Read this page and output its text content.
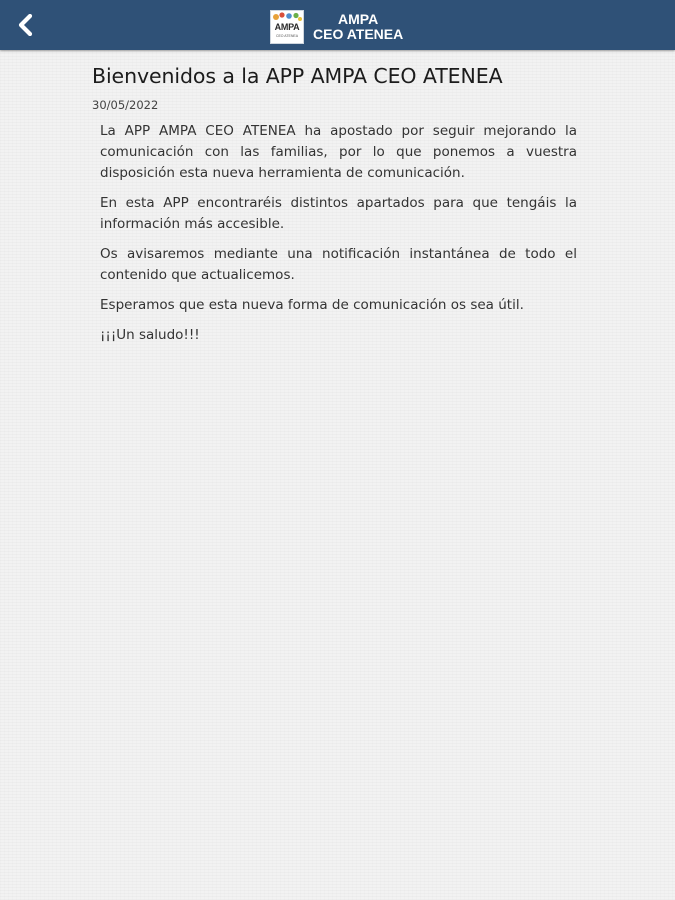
AMPA
CEO ATENEA
AMPA
CEO ATENEA
Bienvenidos a la APP AMPA CEO ATENEA
30/05/2022

La APP AMPA CEO ATENEA ha apostado por seguir mejorando la comunicación con las familias, por lo que ponemos a vuestra disposición esta nueva herramienta de comunicación.

En esta APP encontraréis distintos apartados para que tengáis la información más accesible.

Os avisaremos mediante una notificación instantánea de todo el contenido que actualicemos.

Esperamos que esta nueva forma de comunicación os sea útil.

¡¡¡Un saludo!!!
